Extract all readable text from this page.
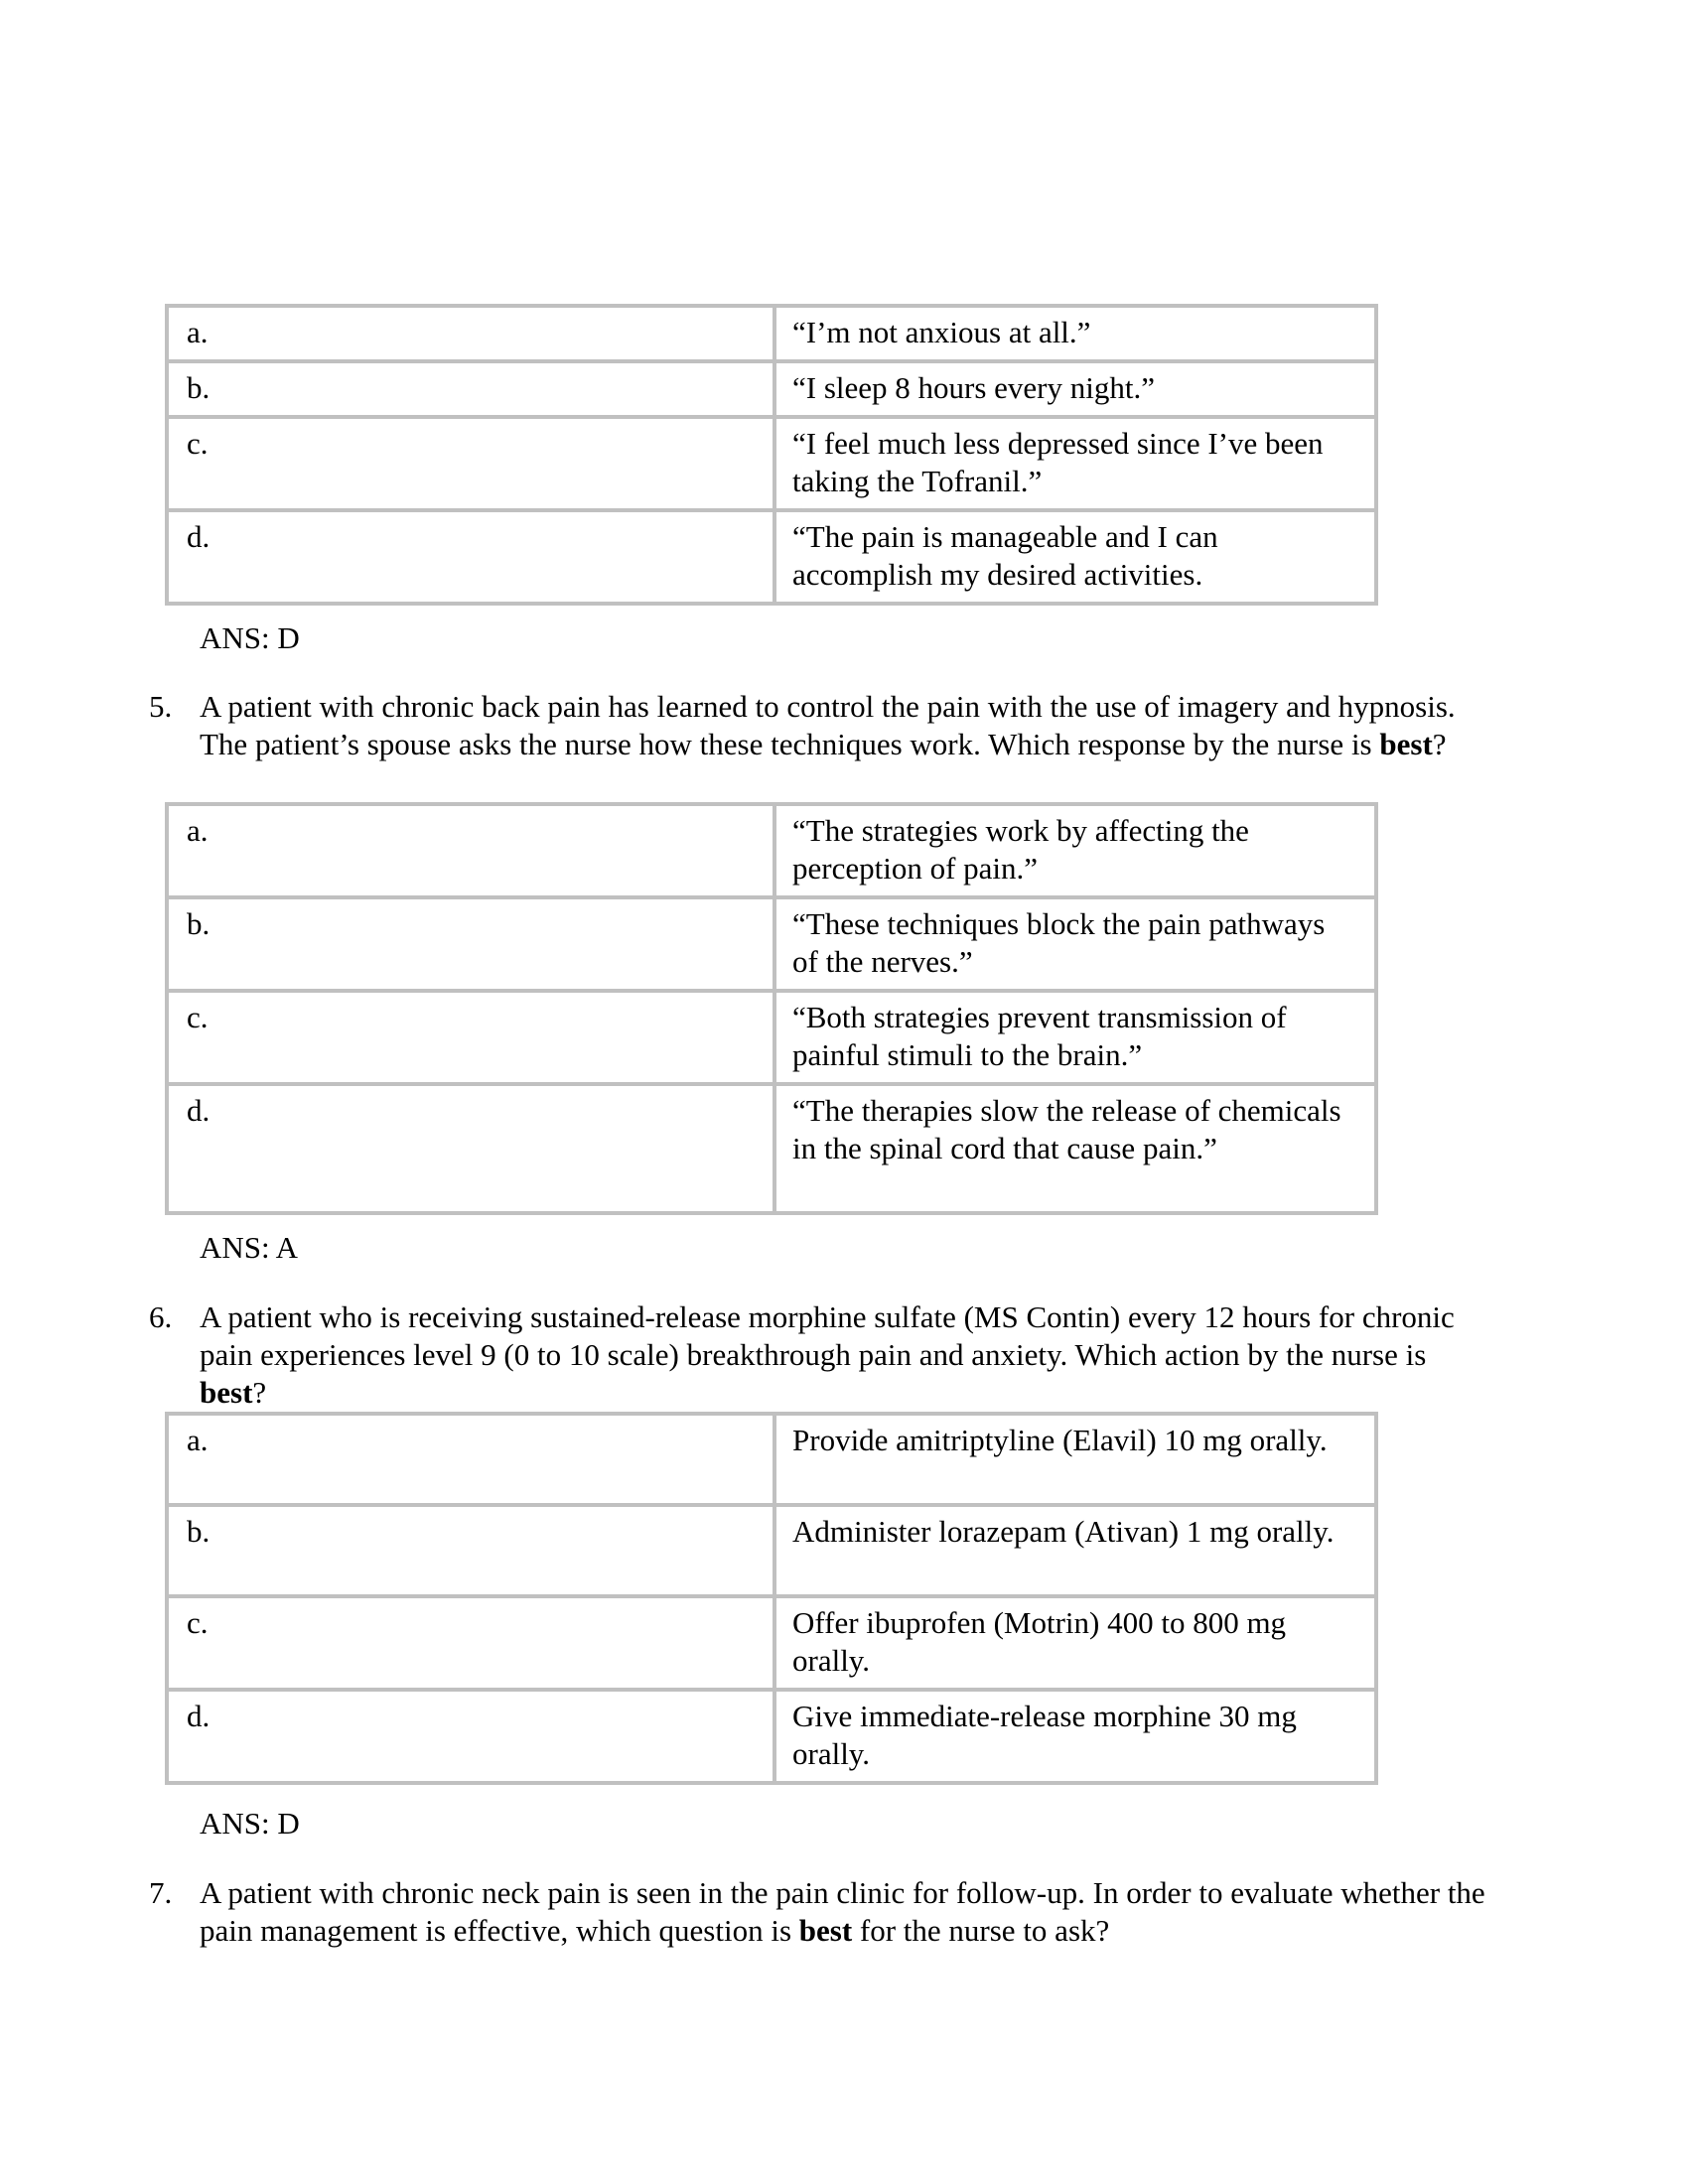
a.	“I’m not anxious at all.”
b.	“I sleep 8 hours every night.”
c.	“I feel much less depressed since I’ve been taking the Tofranil.”
d.	“The pain is manageable and I can accomplish my desired activities.
ANS: D
5. A patient with chronic back pain has learned to control the pain with the use of imagery and hypnosis. The patient’s spouse asks the nurse how these techniques work. Which response by the nurse is best?
a.	“The strategies work by affecting the perception of pain.”
b.	“These techniques block the pain pathways of the nerves.”
c.	“Both strategies prevent transmission of painful stimuli to the brain.”
d.	“The therapies slow the release of chemicals in the spinal cord that cause pain.”
ANS: A
6. A patient who is receiving sustained-release morphine sulfate (MS Contin) every 12 hours for chronic pain experiences level 9 (0 to 10 scale) breakthrough pain and anxiety. Which action by the nurse is best?
a.	Provide amitriptyline (Elavil) 10 mg orally.
b.	Administer lorazepam (Ativan) 1 mg orally.
c.	Offer ibuprofen (Motrin) 400 to 800 mg orally.
d.	Give immediate-release morphine 30 mg orally.
ANS: D
7. A patient with chronic neck pain is seen in the pain clinic for follow-up. In order to evaluate whether the pain management is effective, which question is best for the nurse to ask?
